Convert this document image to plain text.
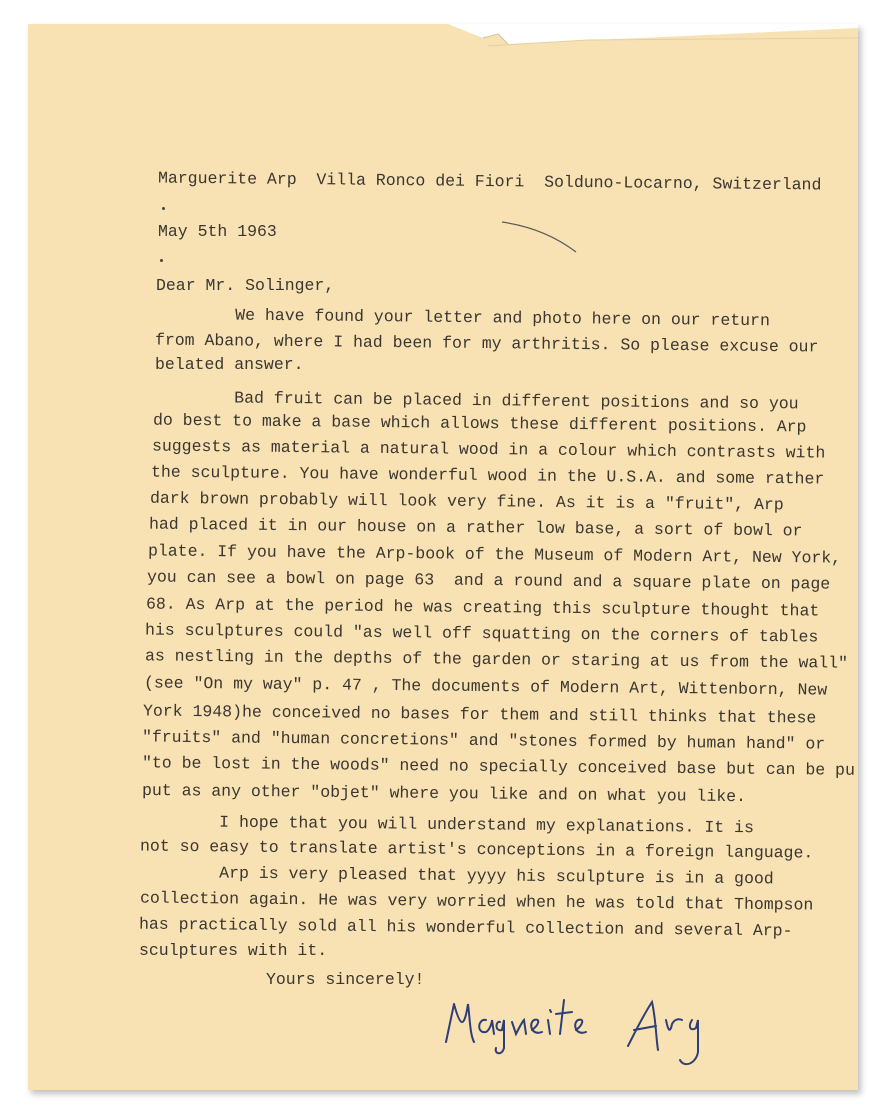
Marguerite Arp  Villa Ronco dei Fiori  Solduno-Locarno, Switzerland
May 5th 1963
Dear Mr. Solinger,
We have found your letter and photo here on our return
from Abano, where I had been for my arthritis. So please excuse our
belated answer.
Bad fruit can be placed in different positions and so you
do best to make a base which allows these different positions. Arp
suggests as material a natural wood in a colour which contrasts with
the sculpture. You have wonderful wood in the U.S.A. and some rather
dark brown probably will look very fine. As it is a "fruit", Arp
had placed it in our house on a rather low base, a sort of bowl or
plate. If you have the Arp-book of the Museum of Modern Art, New York,
you can see a bowl on page 63  and a round and a square plate on page
68. As Arp at the period he was creating this sculpture thought that
his sculptures could "as well off squatting on the corners of tables
as nestling in the depths of the garden or staring at us from the wall"
(see "On my way" p. 47 , The documents of Modern Art, Wittenborn, New
York 1948)he conceived no bases for them and still thinks that these
"fruits" and "human concretions" and "stones formed by human hand" or
"to be lost in the woods" need no specially conceived base but can be pu
put as any other "objet" where you like and on what you like.
I hope that you will understand my explanations. It is
not so easy to translate artist's conceptions in a foreign language.
Arp is very pleased that yyyy his sculpture is in a good
collection again. He was very worried when he was told that Thompson
has practically sold all his wonderful collection and several Arp-
sculptures with it.
Yours sincerely!
